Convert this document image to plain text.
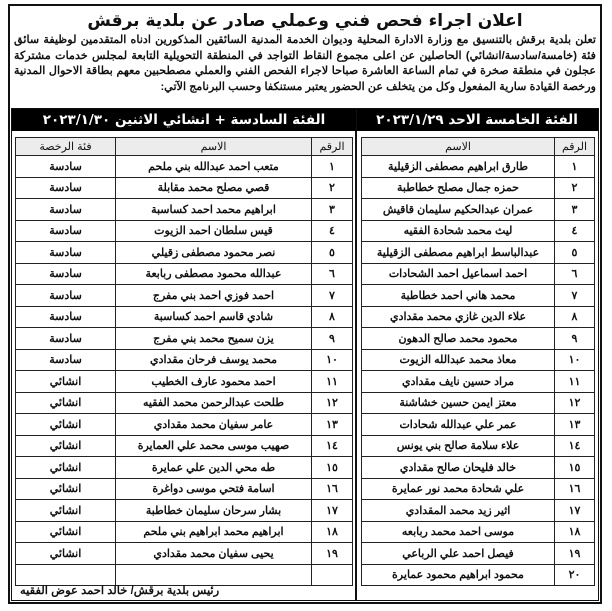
اعلان اجراء فحص فني وعملي صادر عن بلدية برقش

تعلن بلدية برقش بالتنسيق مع وزارة الادارة المحلية وديوان الخدمة المدنية السائقين المذكورين ادناه المتقدمين لوظيفة سائق فئة (خامسة/سادسة/انشائي) الحاصلين عن اعلى مجموع النقاط التواجد في المنطقة التحويلية التابعة لمجلس خدمات مشتركة عجلون في منطقة صخرة في تمام الساعة العاشرة صباحا لاجراء الفحص الفني والعملي مصطحبين معهم بطاقة الاحوال المدنية ورخصة القيادة سارية المفعول وكل من يتخلف عن الحضور يعتبر مستنكفا وحسب البرنامج الآتي:

الفئة الخامسة الاحد ٢٠٢٣/١/٢٩
الرقم	الاسم
١	طارق ابراهيم مصطفى الزقيلية
٢	حمزه جمال مصلح خطاطبة
٣	عمران عبدالحكيم سليمان قاقيش
٤	ليث محمد شحادة الفقيه
٥	عبدالباسط ابراهيم مصطفى الزقيلية
٦	احمد اسماعيل احمد الشحادات
٧	محمد هاني احمد خطاطبة
٨	علاء الدين غازي محمد مقدادي
٩	محمود محمد صالح الدهون
١٠	معاذ محمد عبدالله الزيوت
١١	مراد حسين نايف مقدادي
١٢	معتز ايمن حسين خشاشنة
١٣	عمر علي عبدالله شحادات
١٤	علاء سلامة صالح بني يونس
١٥	خالد فليحان صالح مقدادي
١٦	علي شحادة محمد نور عمايرة
١٧	اثير زيد محمد المقدادي
١٨	موسى احمد محمد ربابعه
١٩	فيصل احمد علي الرباعي
٢٠	محمود ابراهيم محمود عمايرة
الفئة السادسة + انشائي الاثنين ٢٠٢٣/١/٣٠
الرقم	الاسم	فئة الرخصة
١	متعب احمد عبدالله بني ملحم	سادسة
٢	قصي مصلح محمد مقابلة	سادسة
٣	ابراهيم محمد احمد كساسبة	سادسة
٤	قيس سلطان احمد الزيوت	سادسة
٥	نصر محمود مصطفى زقيلي	سادسة
٦	عبدالله محمود مصطفى ربابعة	سادسة
٧	احمد فوزي احمد بني مفرج	سادسة
٨	شادي قاسم احمد كساسبة	سادسة
٩	يزن سميح محمد بني مفرج	سادسة
١٠	محمد يوسف فرحان مقدادي	سادسة
١١	احمد محمود عارف الخطيب	انشائي
١٢	طلحت عبدالرحمن محمد الفقيه	انشائي
١٣	عامر سفيان محمد مقدادي	انشائي
١٤	صهيب موسى محمد علي العمايرة	انشائي
١٥	طه محي الدين علي عمايرة	انشائي
١٦	اسامة فتحي موسى دواغرة	انشائي
١٧	بشار سرحان سليمان خطاطبة	انشائي
١٨	ابراهيم محمد ابراهيم بني ملحم	انشائي
١٩	يحيى سفيان محمد مقدادي	انشائي

رئيس بلدية برقش/ خالد احمد عوض الفقيه
